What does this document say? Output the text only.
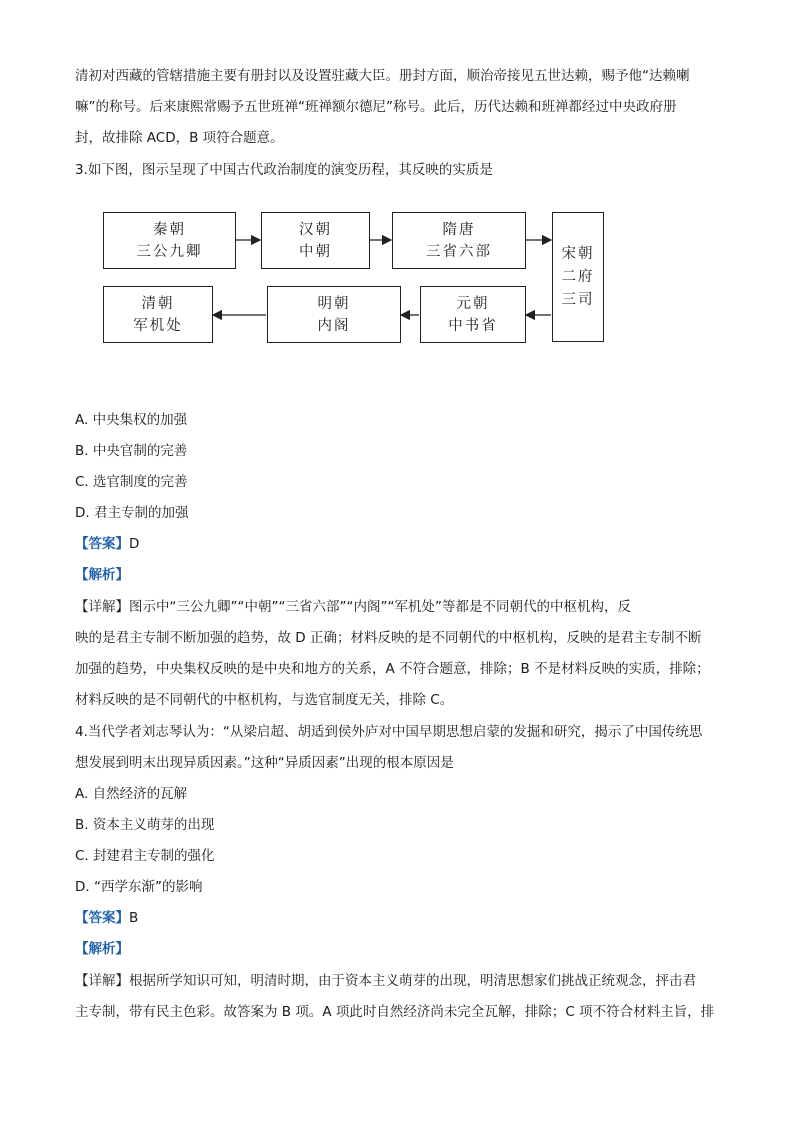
清初对西藏的管辖措施主要有册封以及设置驻藏大臣。册封方面，顺治帝接见五世达赖，赐予他“达赖喇
嘛”的称号。后来康熙常赐予五世班禅“班禅额尔德尼”称号。此后，历代达赖和班禅都经过中央政府册
封，故排除 ACD，B 项符合题意。
3.如下图，图示呈现了中国古代政治制度的演变历程，其反映的实质是
秦朝
三公九卿
汉朝
中朝
隋唐
三省六部	宋朝
二府
三司
元朝
中书省
明朝
内阁
清朝
军机处
A. 中央集权的加强
B. 中央官制的完善
C. 选官制度的完善
D. 君主专制的加强
【答案】D
【解析】
【详解】图示中“三公九卿”“中朝”“三省六部”“内阁”“军机处”等都是不同朝代的中枢机构，反
映的是君主专制不断加强的趋势，故 D 正确；材料反映的是不同朝代的中枢机构，反映的是君主专制不断
加强的趋势，中央集权反映的是中央和地方的关系，A 不符合题意，排除；B 不是材料反映的实质，排除；
材料反映的是不同朝代的中枢机构，与选官制度无关，排除 C。
4.当代学者刘志琴认为：“从梁启超、胡适到侯外庐对中国早期思想启蒙的发掘和研究，揭示了中国传统思
想发展到明末出现异质因素。”这种“异质因素”出现的根本原因是
A. 自然经济的瓦解
B. 资本主义萌芽的出现
C. 封建君主专制的强化
D. “西学东渐”的影响
【答案】B
【解析】
【详解】根据所学知识可知，明清时期，由于资本主义萌芽的出现，明清思想家们挑战正统观念，抨击君
主专制，带有民主色彩。故答案为 B 项。A 项此时自然经济尚未完全瓦解，排除；C 项不符合材料主旨，排
